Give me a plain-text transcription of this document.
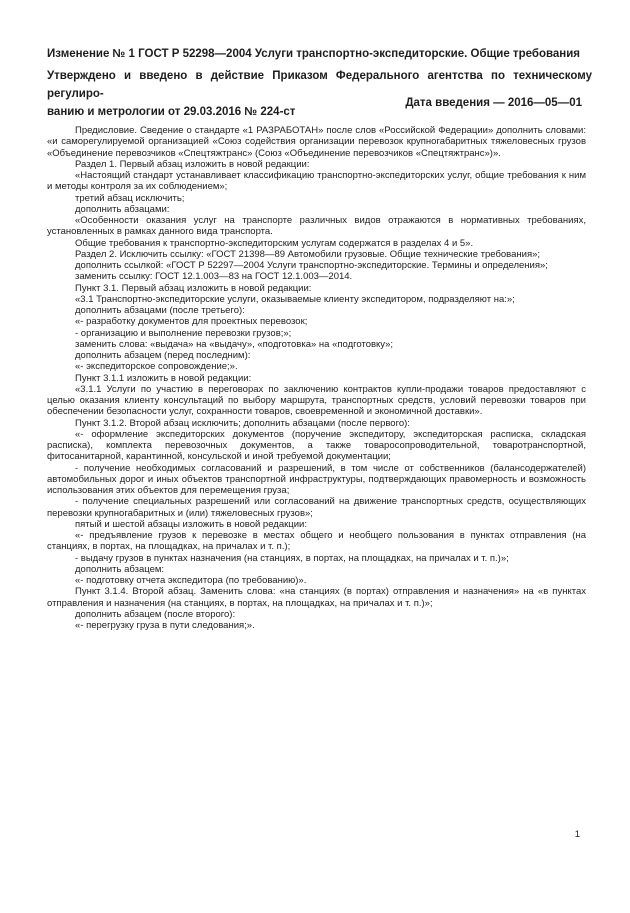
Изменение № 1 ГОСТ Р 52298—2004 Услуги транспортно-экспедиторские. Общие требования
Утверждено и введено в действие Приказом Федерального агентства по техническому регулиро-
ванию и метрологии от 29.03.2016 № 224-ст
Дата введения — 2016—05—01

Предисловие. Сведение о стандарте «1 РАЗРАБОТАН» после слов «Российской Федерации» дополнить словами: «и саморегулируемой организацией «Союз содействия организации перевозок крупногабаритных тяжеловесных грузов «Объединение перевозчиков «Спецтяжтранс» (Союз «Объединение перевозчиков «Спецтяжтранс»)».

Раздел 1. Первый абзац изложить в новой редакции:

«Настоящий стандарт устанавливает классификацию транспортно-экспедиторских услуг, общие требования к ним и методы контроля за их соблюдением»;

третий абзац исключить;

дополнить абзацами:

«Особенности оказания услуг на транспорте различных видов отражаются в нормативных требованиях, установленных в рамках данного вида транспорта.

Общие требования к транспортно-экспедиторским услугам содержатся в разделах 4 и 5».

Раздел 2. Исключить ссылку: «ГОСТ 21398—89 Автомобили грузовые. Общие технические требования»;

дополнить ссылкой: «ГОСТ Р 52297—2004 Услуги транспортно-экспедиторские. Термины и определения»;

заменить ссылку: ГОСТ 12.1.003—83 на ГОСТ 12.1.003—2014.

Пункт 3.1. Первый абзац изложить в новой редакции:

«3.1 Транспортно-экспедиторские услуги, оказываемые клиенту экспедитором, подразделяют на:»;

дополнить абзацами (после третьего):

«- разработку документов для проектных перевозок;

- организацию и выполнение перевозки грузов;»;

заменить слова: «выдача» на «выдачу», «подготовка» на «подготовку»;

дополнить абзацем (перед последним):

«- экспедиторское сопровождение;».

Пункт 3.1.1 изложить в новой редакции:

«3.1.1 Услуги по участию в переговорах по заключению контрактов купли-продажи товаров предоставляют с целью оказания клиенту консультаций по выбору маршрута, транспортных средств, условий перевозки товаров при обеспечении безопасности услуг, сохранности товаров, своевременной и экономичной доставки».

Пункт 3.1.2. Второй абзац исключить; дополнить абзацами (после первого):

«- оформление экспедиторских документов (поручение экспедитору, экспедиторская расписка, складская расписка), комплекта перевозочных документов, а также товаросопроводительной, товаротранспортной, фитосанитарной, карантинной, консульской и иной требуемой документации;

- получение необходимых согласований и разрешений, в том числе от собственников (балансодержателей) автомобильных дорог и иных объектов транспортной инфраструктуры, подтверждающих правомерность и возможность использования этих объектов для перемещения груза;

- получение специальных разрешений или согласований на движение транспортных средств, осуществляющих перевозки крупногабаритных и (или) тяжеловесных грузов»;

пятый и шестой абзацы изложить в новой редакции:

«- предъявление грузов к перевозке в местах общего и необщего пользования в пунктах отправления (на станциях, в портах, на площадках, на причалах и т. п.);

- выдачу грузов в пунктах назначения (на станциях, в портах, на площадках, на причалах и т. п.)»;

дополнить абзацем:

«- подготовку отчета экспедитора (по требованию)».

Пункт 3.1.4. Второй абзац. Заменить слова: «на станциях (в портах) отправления и назначения» на «в пунктах отправления и назначения (на станциях, в портах, на площадках, на причалах и т. п.)»;

дополнить абзацем (после второго):

«- перегрузку груза в пути следования;».

1
